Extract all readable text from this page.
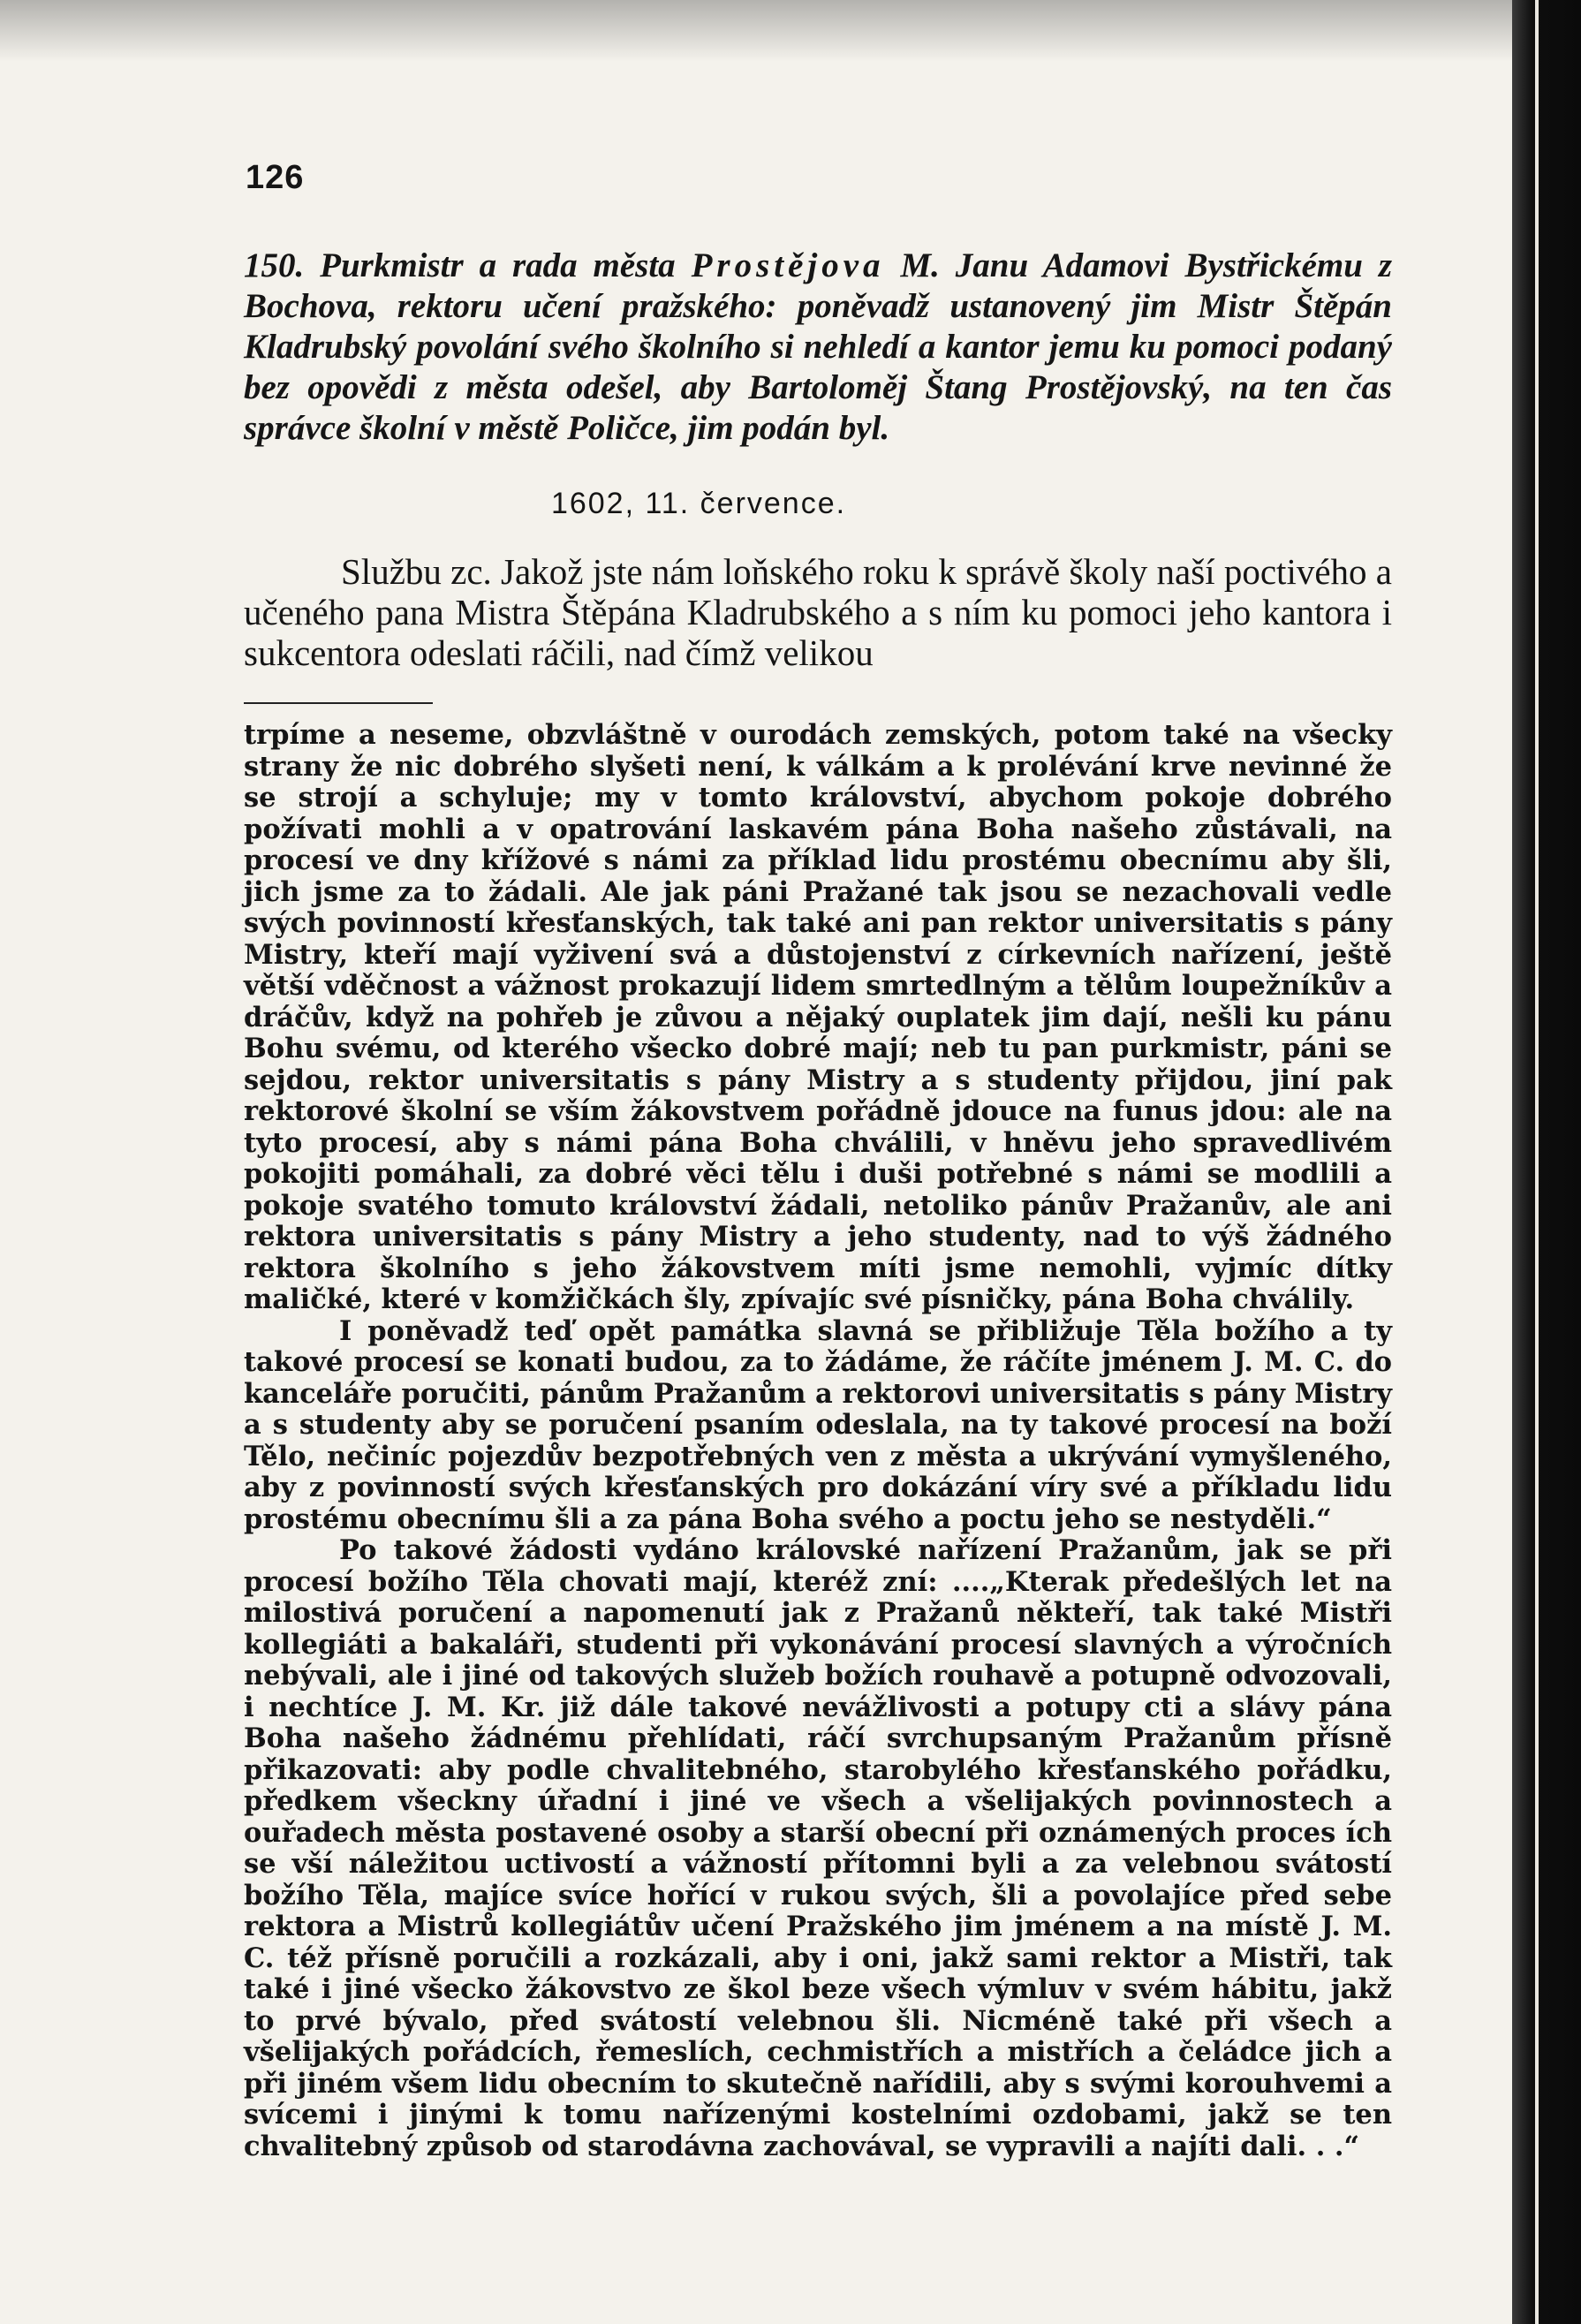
126
150. Purkmistr a rada města Prostějova M. Janu Adamovi Bystřickému z Bochova, rektoru učení pražského: poněvadž ustanovený jim Mistr Štěpán Kladrubský povolání svého školního si nehledí a kantor jemu ku pomoci podaný bez opovědi z města odešel, aby Bartoloměj Štang Prostějovský, na ten čas správce školní v městě Poličce, jim podán byl.
1602, 11. července.

Službu zc. Jakož jste nám loňského roku k správě školy naší poctivého a učeného pana Mistra Štěpána Kladrubského a s ním ku pomoci jeho kantora i sukcentora odeslati ráčili, nad čímž velikou

trpíme a neseme, obzvláštně v ourodách zemských, potom také na všecky strany že nic dobrého slyšeti není, k válkám a k prolévání krve nevinné že se strojí a schyluje; my v tomto království, abychom pokoje dobrého požívati mohli a v opatrování laskavém pána Boha našeho zůstávali, na procesí ve dny křížové s námi za příklad lidu prostému obecnímu aby šli, jich jsme za to žádali. Ale jak páni Pražané tak jsou se nezachovali vedle svých povinností křesťanských, tak také ani pan rektor universitatis s pány Mistry, kteří mají vyživení svá a důstojenství z církevních nařízení, ještě větší vděčnost a vážnost prokazují lidem smrtedlným a tělům loupežníkův a dráčův, když na pohřeb je zůvou a nějaký ouplatek jim dají, nešli ku pánu Bohu svému, od kterého všecko dobré mají; neb tu pan purkmistr, páni se sejdou, rektor universitatis s pány Mistry a s studenty přijdou, jiní pak rektorové školní se vším žákovstvem pořádně jdouce na funus jdou: ale na tyto procesí, aby s námi pána Boha chválili, v hněvu jeho spravedlivém pokojiti pomáhali, za dobré věci tělu i duši potřebné s námi se modlili a pokoje svatého tomuto království žádali, netoliko pánův Pražanův, ale ani rektora universitatis s pány Mistry a jeho studenty, nad to výš žádného rektora školního s jeho žákovstvem míti jsme nemohli, vyjmíc dítky maličké, které v komžičkách šly, zpívajíc své písničky, pána Boha chválily.

I poněvadž teď opět památka slavná se přibližuje Těla božího a ty takové procesí se konati budou, za to žádáme, že ráčíte jménem J. M. C. do kanceláře poručiti, pánům Pražanům a rektorovi universitatis s pány Mistry a s studenty aby se poručení psaním odeslala, na ty takové procesí na boží Tělo, nečiníc pojezdův bezpotřebných ven z města a ukrývání vymyšleného, aby z povinností svých křesťanských pro dokázání víry své a příkladu lidu prostému obecnímu šli a za pána Boha svého a poctu jeho se nestyděli.“

Po takové žádosti vydáno královské nařízení Pražanům, jak se při procesí božího Těla chovati mají, kteréž zní: ....„Kterak předešlých let na milostivá poručení a napomenutí jak z Pražanů někteří, tak také Mistři kollegiáti a bakaláři, studenti při vykonávání procesí slavných a výročních nebývali, ale i jiné od takových služeb božích rouhavě a potupně odvozovali, i nechtíce J. M. Kr. již dále takové nevážlivosti a potupy cti a slávy pána Boha našeho žádnému přehlídati, ráčí svrchupsaným Pražanům přísně přikazovati: aby podle chvalitebného, starobylého křesťanského pořádku, předkem všeckny úřadní i jiné ve všech a všelijakých povinnostech a ouřadech města postavené osoby a starší obecní při oznámených proces ích se vší náležitou uctivostí a vážností přítomni byli a za velebnou svátostí božího Těla, majíce svíce hořící v rukou svých, šli a povolajíce před sebe rektora a Mistrů kollegiátův učení Pražského jim jménem a na místě J. M. C. též přísně poručili a rozkázali, aby i oni, jakž sami rektor a Mistři, tak také i jiné všecko žákovstvo ze škol beze všech výmluv v svém hábitu, jakž to prvé bývalo, před svátostí velebnou šli. Nicméně také při všech a všelijakých pořádcích, řemeslích, cechmistřích a mistřích a čeládce jich a při jiném všem lidu obecním to skutečně nařídili, aby s svými korouhvemi a svícemi i jinými k tomu nařízenými kostelními ozdobami, jakž se ten chvalitebný způsob od starodávna zachovával, se vypravili a najíti dali. . .“
